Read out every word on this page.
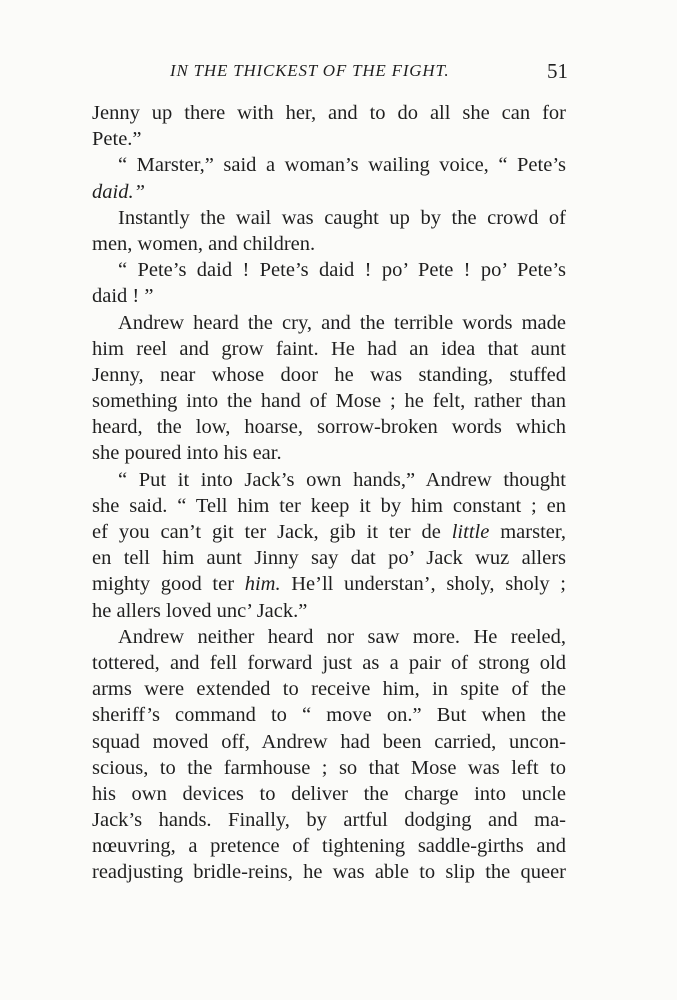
IN THE THICKEST OF THE FIGHT.	51
Jenny up there with her, and to do all she can for
Pete.”
“ Marster,” said a woman’s wailing voice, “ Pete’s
daid.”
Instantly the wail was caught up by the crowd of
men, women, and children.
“ Pete’s daid ! Pete’s daid ! po’ Pete ! po’ Pete’s
daid ! ”
Andrew heard the cry, and the terrible words made
him reel and grow faint. He had an idea that aunt
Jenny, near whose door he was standing, stuffed
something into the hand of Mose ; he felt, rather than
heard, the low, hoarse, sorrow-broken words which
she poured into his ear.
“ Put it into Jack’s own hands,” Andrew thought
she said. “ Tell him ter keep it by him constant ; en
ef you can’t git ter Jack, gib it ter de little marster,
en tell him aunt Jinny say dat po’ Jack wuz allers
mighty good ter him. He’ll understan’, sholy, sholy ;
he allers loved unc’ Jack.”
Andrew neither heard nor saw more. He reeled,
tottered, and fell forward just as a pair of strong old
arms were extended to receive him, in spite of the
sheriff’s command to “ move on.” But when the
squad moved off, Andrew had been carried, uncon-
scious, to the farmhouse ; so that Mose was left to
his own devices to deliver the charge into uncle
Jack’s hands. Finally, by artful dodging and ma-
nœuvring, a pretence of tightening saddle-girths and
readjusting bridle-reins, he was able to slip the queer
